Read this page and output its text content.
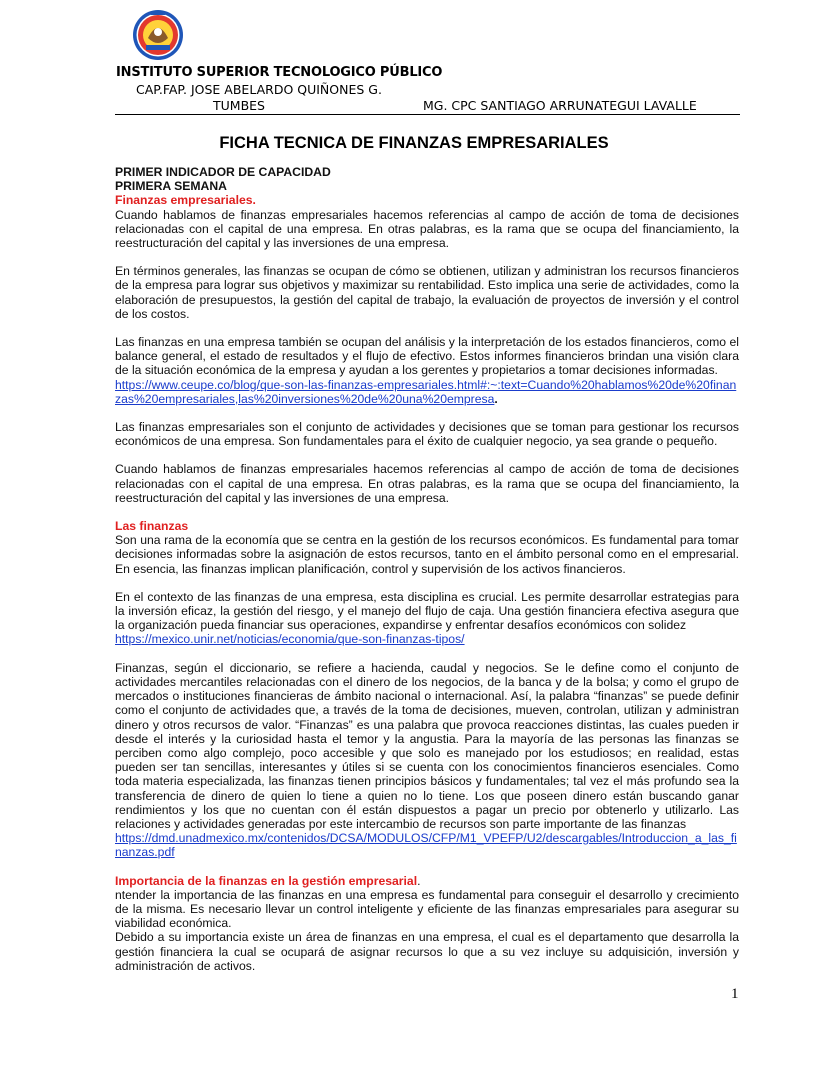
INSTITUTO SUPERIOR TECNOLOGICO PÚBLICO
CAP.FAP. JOSE ABELARDO QUIÑONES G.
TUMBES	MG. CPC SANTIAGO ARRUNATEGUI LAVALLE
FICHA TECNICA DE FINANZAS EMPRESARIALES
PRIMER INDICADOR DE CAPACIDAD
PRIMERA SEMANA
Finanzas empresariales.

Cuando hablamos de finanzas empresariales hacemos referencias al campo de acción de toma de decisiones relacionadas con el capital de una empresa. En otras palabras, es la rama que se ocupa del financiamiento, la reestructuración del capital y las inversiones de una empresa.

En términos generales, las finanzas se ocupan de cómo se obtienen, utilizan y administran los recursos financieros de la empresa para lograr sus objetivos y maximizar su rentabilidad. Esto implica una serie de actividades, como la elaboración de presupuestos, la gestión del capital de trabajo, la evaluación de proyectos de inversión y el control de los costos.

Las finanzas en una empresa también se ocupan del análisis y la interpretación de los estados financieros, como el balance general, el estado de resultados y el flujo de efectivo. Estos informes financieros brindan una visión clara de la situación económica de la empresa y ayudan a los gerentes y propietarios a tomar decisiones informadas.

https://www.ceupe.co/blog/que-son-las-finanzas-empresariales.html#:~:text=Cuando%20hablamos%20de%20finanzas%20empresariales,las%20inversiones%20de%20una%20empresa.

Las finanzas empresariales son el conjunto de actividades y decisiones que se toman para gestionar los recursos económicos de una empresa. Son fundamentales para el éxito de cualquier negocio, ya sea grande o pequeño.

Cuando hablamos de finanzas empresariales hacemos referencias al campo de acción de toma de decisiones relacionadas con el capital de una empresa. En otras palabras, es la rama que se ocupa del financiamiento, la reestructuración del capital y las inversiones de una empresa.

Las finanzas

Son una rama de la economía que se centra en la gestión de los recursos económicos. Es fundamental para tomar decisiones informadas sobre la asignación de estos recursos, tanto en el ámbito personal como en el empresarial. En esencia, las finanzas implican planificación, control y supervisión de los activos financieros.

En el contexto de las finanzas de una empresa, esta disciplina es crucial. Les permite desarrollar estrategias para la inversión eficaz, la gestión del riesgo, y el manejo del flujo de caja. Una gestión financiera efectiva asegura que la organización pueda financiar sus operaciones, expandirse y enfrentar desafíos económicos con solidez

https://mexico.unir.net/noticias/economia/que-son-finanzas-tipos/

Finanzas, según el diccionario, se refiere a hacienda, caudal y negocios. Se le define como el conjunto de actividades mercantiles relacionadas con el dinero de los negocios, de la banca y de la bolsa; y como el grupo de mercados o instituciones financieras de ámbito nacional o internacional. Así, la palabra “finanzas” se puede definir como el conjunto de actividades que, a través de la toma de decisiones, mueven, controlan, utilizan y administran dinero y otros recursos de valor. “Finanzas” es una palabra que provoca reacciones distintas, las cuales pueden ir desde el interés y la curiosidad hasta el temor y la angustia. Para la mayoría de las personas las finanzas se perciben como algo complejo, poco accesible y que solo es manejado por los estudiosos; en realidad, estas pueden ser tan sencillas, interesantes y útiles si se cuenta con los conocimientos financieros esenciales. Como toda materia especializada, las finanzas tienen principios básicos y fundamentales; tal vez el más profundo sea la transferencia de dinero de quien lo tiene a quien no lo tiene. Los que poseen dinero están buscando ganar rendimientos y los que no cuentan con él están dispuestos a pagar un precio por obtenerlo y utilizarlo. Las relaciones y actividades generadas por este intercambio de recursos son parte importante de las finanzas

https://dmd.unadmexico.mx/contenidos/DCSA/MODULOS/CFP/M1_VPEFP/U2/descargables/Introduccion_a_las_finanzas.pdf

Importancia de la finanzas en la gestión empresarial.

ntender la importancia de las finanzas en una empresa es fundamental para conseguir el desarrollo y crecimiento de la misma. Es necesario llevar un control inteligente y eficiente de las finanzas empresariales para asegurar su viabilidad económica.

Debido a su importancia existe un área de finanzas en una empresa, el cual es el departamento que desarrolla la gestión financiera la cual se ocupará de asignar recursos lo que a su vez incluye su adquisición, inversión y administración de activos.

1
